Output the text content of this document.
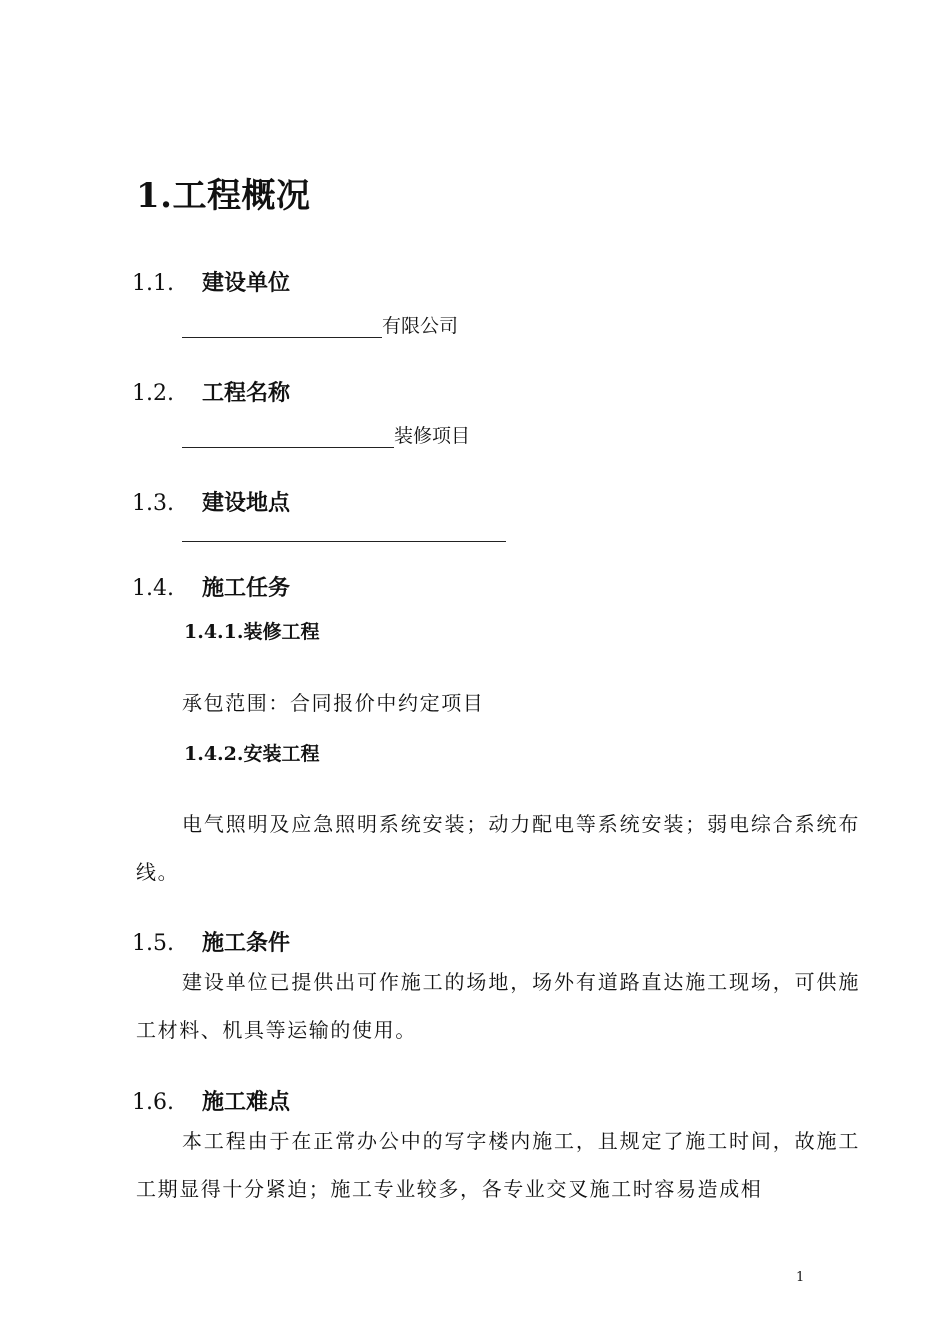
1.工程概况
1.1. 建设单位
有限公司
1.2. 工程名称
装修项目
1.3. 建设地点
1.4. 施工任务
1.4.1.装修工程
承包范围：合同报价中约定项目
1.4.2.安装工程
电气照明及应急照明系统安装；动力配电等系统安装；弱电综合系统布线。
1.5. 施工条件
建设单位已提供出可作施工的场地，场外有道路直达施工现场，可供施工材料、机具等运输的使用。
1.6. 施工难点
本工程由于在正常办公中的写字楼内施工，且规定了施工时间，故施工工期显得十分紧迫；施工专业较多，各专业交叉施工时容易造成相
1
